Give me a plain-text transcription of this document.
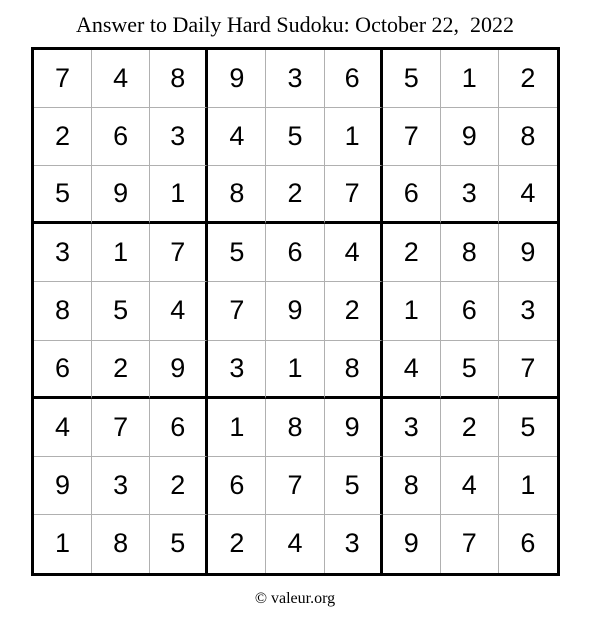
Answer to Daily Hard Sudoku: October 22,  2022
7	4	8	9	3	6	5	1	2
2	6	3	4	5	1	7	9	8
5	9	1	8	2	7	6	3	4
3	1	7	5	6	4	2	8	9
8	5	4	7	9	2	1	6	3
6	2	9	3	1	8	4	5	7
4	7	6	1	8	9	3	2	5
9	3	2	6	7	5	8	4	1
1	8	5	2	4	3	9	7	6
© valeur.org
